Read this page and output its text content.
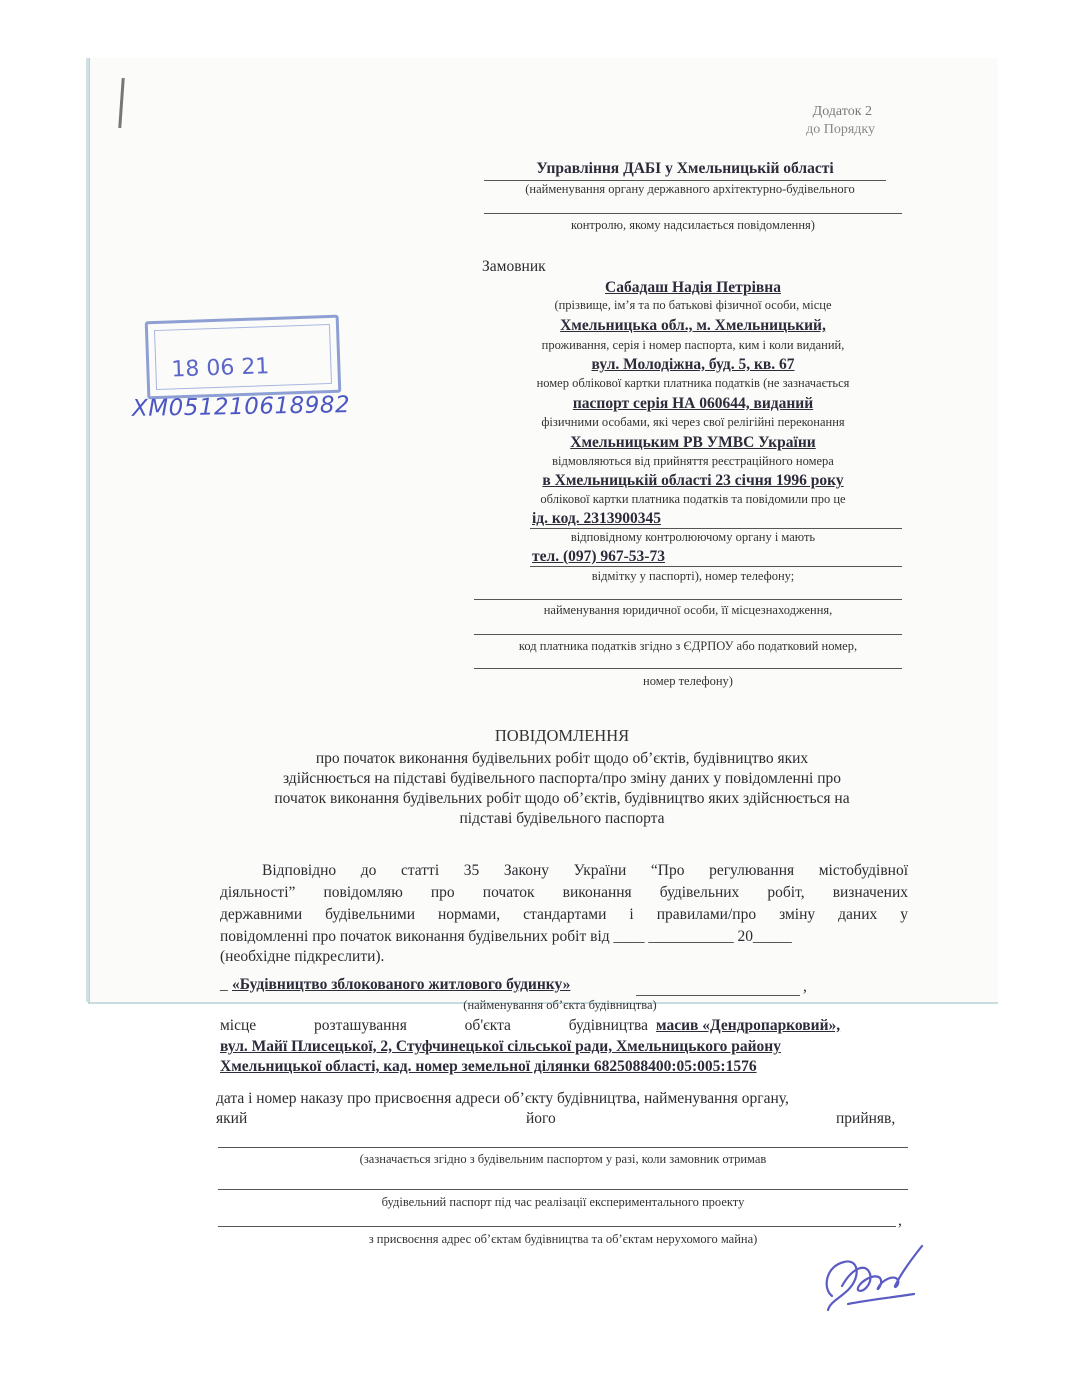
Додаток 2
до Порядку
Управління ДАБІ у Хмельницькій області
(найменування органу державного архітектурно-будівельного
контролю, якому надсилається повідомлення)
Замовник
Сабадаш Надія Петрівна
(прізвище, ім’я та по батькові фізичної особи, місце
Хмельницька обл., м. Хмельницький,
проживання, серія і номер паспорта, ким і коли виданий,
вул. Молодіжна, буд. 5, кв. 67
номер облікової картки платника податків (не зазначається
паспорт серія НА 060644, виданий
фізичними особами, які через свої релігійні переконання
Хмельницьким РВ УМВС України
відмовляються від прийняття реєстраційного номера
в Хмельницькій області 23 січня 1996 року
облікової картки платника податків та повідомили про це
ід. код. 2313900345
відповідному контролюючому органу і мають
тел. (097) 967-53-73
відмітку у паспорті), номер телефону;
найменування юридичної особи, її місцезнаходження,
код платника податків згідно з ЄДРПОУ або податковий номер,
номер телефону)
18 06 21
ХМ051210618982
ПОВІДОМЛЕННЯ
про початок виконання будівельних робіт щодо об’єктів, будівництво яких
здійснюється на підставі будівельного паспорта/про зміну даних у повідомленні про
початок виконання будівельних робіт щодо об’єктів, будівництво яких здійснюється на
підставі будівельного паспорта
Відповідно до статті 35 Закону України “Про регулювання містобудівної
діяльності” повідомляю про початок виконання будівельних робіт, визначених
державними будівельними нормами, стандартами і правилами/про зміну даних у
повідомленні про початок виконання будівельних робіт від ____ ___________ 20_____
(необхідне підкреслити).
_ «Будівництво зблокованого житлового будинку»	,
(найменування об’єкта будівництва)
місце розташування об'єкта будівництва масив «Дендропарковий»,
вул. Майї Плисецької, 2, Стуфчинецької сільської ради, Хмельницького району
Хмельницької області, кад. номер земельної ділянки 6825088400:05:005:1576
дата і номер наказу про присвоєння адреси об’єкту будівництва, найменування органу,
який	його	прийняв,
(зазначається згідно з будівельним паспортом у разі, коли замовник отримав
будівельний паспорт під час реалізації експериментального проекту
,
з присвоєння адрес об’єктам будівництва та об’єктам нерухомого майна)
